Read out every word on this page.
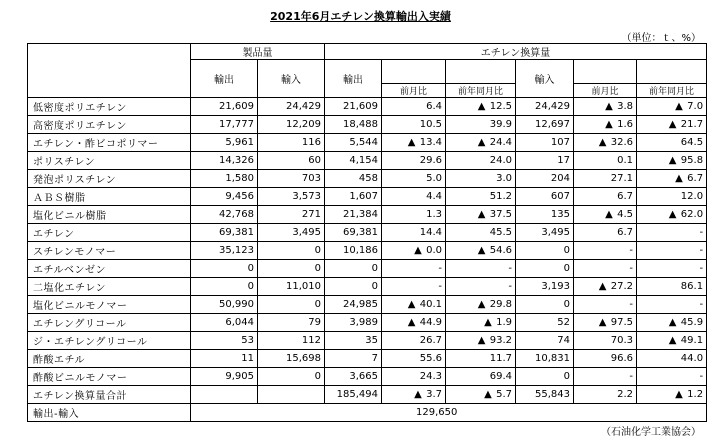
2021年6月エチレン換算輸出入実績
（単位：ｔ、%）
	製品量		エチレン換算量					
	輸出	輸入	輸出			輸入		
				前月比	前年同月比		前月比	前年同月比
低密度ポリエチレン	21,609	24,429	21,609	6.4	▲ 12.5	24,429	▲ 3.8	▲ 7.0
高密度ポリエチレン	17,777	12,209	18,488	10.5	39.9	12,697	▲ 1.6	▲ 21.7
エチレン・酢ビコポリマー	5,961	116	5,544	▲ 13.4	▲ 24.4	107	▲ 32.6	64.5
ポリスチレン	14,326	60	4,154	29.6	24.0	17	0.1	▲ 95.8
発泡ポリスチレン	1,580	703	458	5.0	3.0	204	27.1	▲ 6.7
ＡＢＳ樹脂	9,456	3,573	1,607	4.4	51.2	607	6.7	12.0
塩化ビニル樹脂	42,768	271	21,384	1.3	▲ 37.5	135	▲ 4.5	▲ 62.0
エチレン	69,381	3,495	69,381	14.4	45.5	3,495	6.7	-
スチレンモノマー	35,123	0	10,186	▲ 0.0	▲ 54.6	0	-	-
エチルベンゼン	0	0	0	-	-	0	-	-
二塩化エチレン	0	11,010	0	-	-	3,193	▲ 27.2	86.1
塩化ビニルモノマー	50,990	0	24,985	▲ 40.1	▲ 29.8	0	-	-
エチレングリコール	6,044	79	3,989	▲ 44.9	▲ 1.9	52	▲ 97.5	▲ 45.9
ジ・エチレングリコール	53	112	35	26.7	▲ 93.2	74	70.3	▲ 49.1
酢酸エチル	11	15,698	7	55.6	11.7	10,831	96.6	44.0
酢酸ビニルモノマー	9,905	0	3,665	24.3	69.4	0	-	-
エチレン換算量合計			185,494	▲ 3.7	▲ 5.7	55,843	2.2	▲ 1.2
輸出-輸入	129,650							
（石油化学工業協会）
